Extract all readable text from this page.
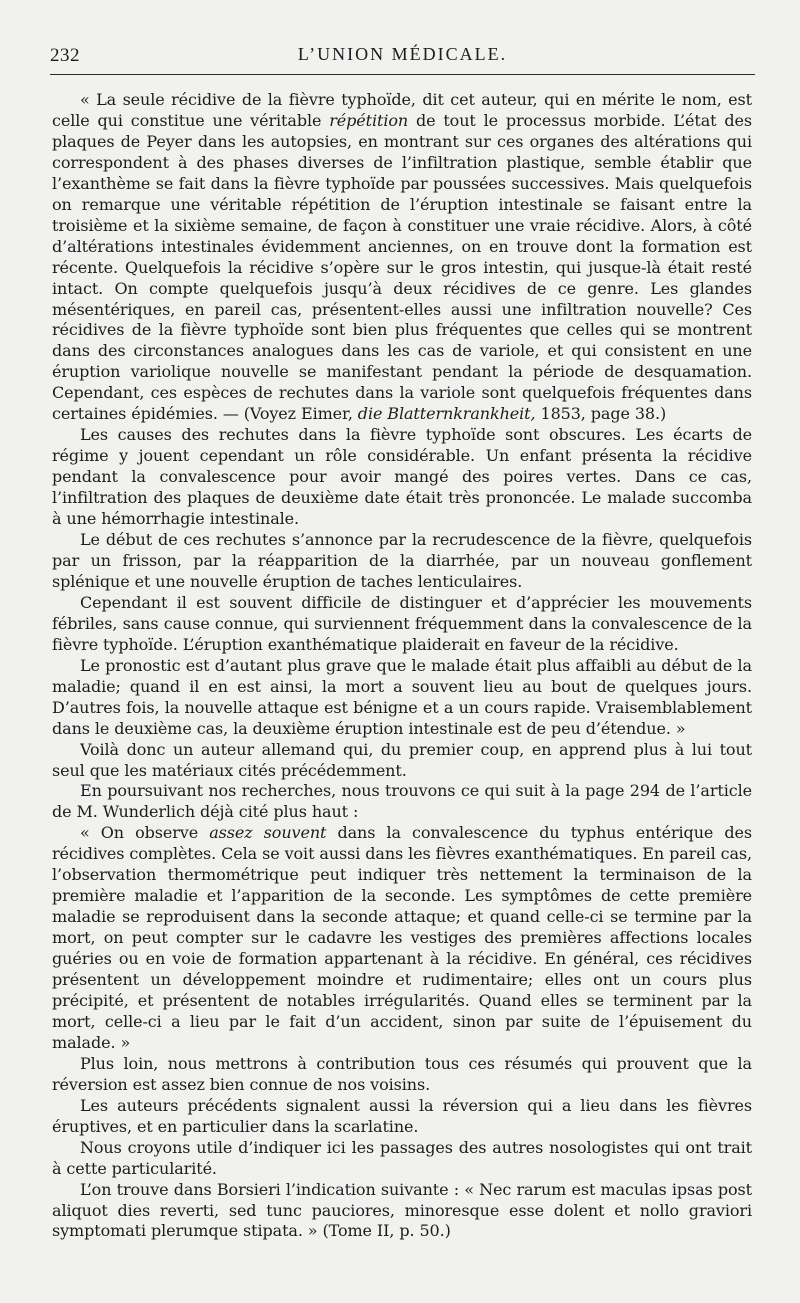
232	L’UNION MÉDICALE.

« La seule récidive de la fièvre typhoïde, dit cet auteur, qui en mérite le nom, est celle qui constitue une véritable répétition de tout le processus morbide. L’état des plaques de Peyer dans les autopsies, en montrant sur ces organes des altérations qui correspondent à des phases diverses de l’infiltration plastique, semble établir que l’exanthème se fait dans la fièvre typhoïde par poussées successives. Mais quelquefois on remarque une véritable répétition de l’éruption intestinale se faisant entre la troisième et la sixième semaine, de façon à constituer une vraie récidive. Alors, à côté d’altérations intestinales évidemment anciennes, on en trouve dont la formation est récente. Quelquefois la récidive s’opère sur le gros intestin, qui jusque-là était resté intact. On compte quelquefois jusqu’à deux récidives de ce genre. Les glandes mésentériques, en pareil cas, présentent-elles aussi une infiltration nouvelle? Ces récidives de la fièvre typhoïde sont bien plus fréquentes que celles qui se montrent dans des circonstances analogues dans les cas de variole, et qui consistent en une éruption variolique nouvelle se manifestant pendant la période de desquamation. Cependant, ces espèces de rechutes dans la variole sont quelquefois fréquentes dans certaines épidémies. — (Voyez Eimer, die Blatternkrankheit, 1853, page 38.)

Les causes des rechutes dans la fièvre typhoïde sont obscures. Les écarts de régime y jouent cependant un rôle considérable. Un enfant présenta la récidive pendant la convalescence pour avoir mangé des poires vertes. Dans ce cas, l’infiltration des plaques de deuxième date était très prononcée. Le malade succomba à une hémorrhagie intestinale.

Le début de ces rechutes s’annonce par la recrudescence de la fièvre, quelquefois par un frisson, par la réapparition de la diarrhée, par un nouveau gonflement splénique et une nouvelle éruption de taches lenticulaires.

Cependant il est souvent difficile de distinguer et d’apprécier les mouvements fébriles, sans cause connue, qui surviennent fréquemment dans la convalescence de la fièvre typhoïde. L’éruption exanthématique plaiderait en faveur de la récidive.

Le pronostic est d’autant plus grave que le malade était plus affaibli au début de la maladie; quand il en est ainsi, la mort a souvent lieu au bout de quelques jours. D’autres fois, la nouvelle attaque est bénigne et a un cours rapide. Vraisemblablement dans le deuxième cas, la deuxième éruption intestinale est de peu d’étendue. »

Voilà donc un auteur allemand qui, du premier coup, en apprend plus à lui tout seul que les matériaux cités précédemment.

En poursuivant nos recherches, nous trouvons ce qui suit à la page 294 de l’article de M. Wunderlich déjà cité plus haut :

« On observe assez souvent dans la convalescence du typhus entérique des récidives complètes. Cela se voit aussi dans les fièvres exanthématiques. En pareil cas, l’observation thermométrique peut indiquer très nettement la terminaison de la première maladie et l’apparition de la seconde. Les symptômes de cette première maladie se reproduisent dans la seconde attaque; et quand celle-ci se termine par la mort, on peut compter sur le cadavre les vestiges des premières affections locales guéries ou en voie de formation appartenant à la récidive. En général, ces récidives présentent un développement moindre et rudimentaire; elles ont un cours plus précipité, et présentent de notables irrégularités. Quand elles se terminent par la mort, celle-ci a lieu par le fait d’un accident, sinon par suite de l’épuisement du malade. »

Plus loin, nous mettrons à contribution tous ces résumés qui prouvent que la réversion est assez bien connue de nos voisins.

Les auteurs précédents signalent aussi la réversion qui a lieu dans les fièvres éruptives, et en particulier dans la scarlatine.

Nous croyons utile d’indiquer ici les passages des autres nosologistes qui ont trait à cette particularité.

L’on trouve dans Borsieri l’indication suivante : « Nec rarum est maculas ipsas post aliquot dies reverti, sed tunc pauciores, minoresque esse dolent et nollo graviori symptomati plerumque stipata. » (Tome II, p. 50.)
